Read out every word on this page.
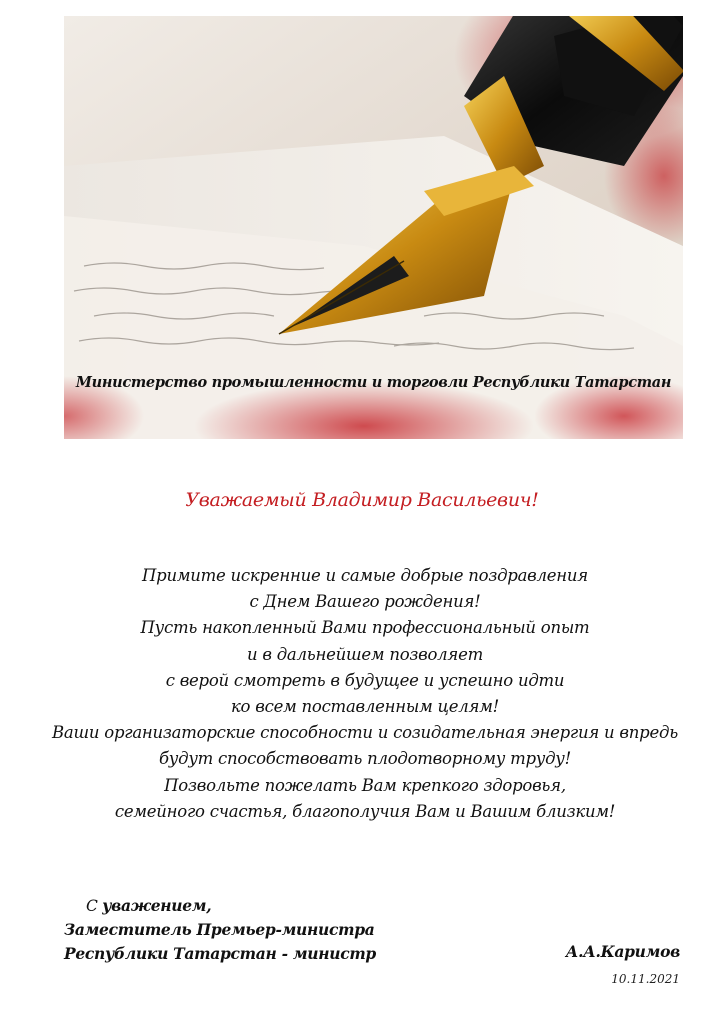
Министерство промышленности и торговли Республики Татарстан
Уважаемый Владимир Васильевич!
Примите искренние и самые добрые поздравления
с Днем Вашего рождения!
Пусть накопленный Вами профессиональный опыт
и в дальнейшем позволяет
с верой смотреть в будущее и успешно идти
ко всем поставленным целям!
Ваши организаторские способности и созидательная энергия и впредь
будут способствовать плодотворному труду!
Позвольте пожелать Вам крепкого здоровья,
семейного счастья, благополучия Вам и Вашим близким!
С уважением,
Заместитель Премьер-министра
Республики Татарстан - министр	А.А.Каримов
10.11.2021
